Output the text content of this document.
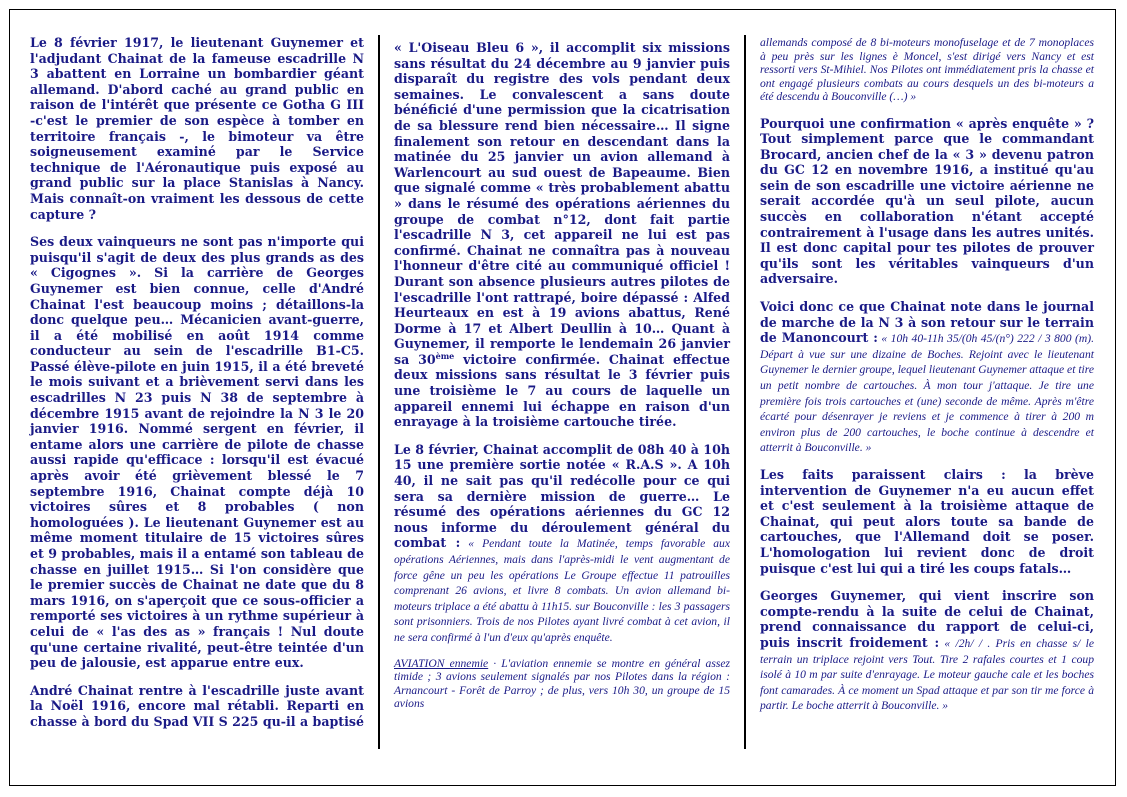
Le 8 février 1917, le lieutenant Guynemer et l'adjudant Chainat de la fameuse escadrille N 3 abattent en Lorraine un bombardier géant allemand. D'abord caché au grand public en raison de l'intérêt que présente ce Gotha G III -c'est le premier de son espèce à tomber en territoire français -, le bimoteur va être soigneusement examiné par le Service technique de l'Aéronautique puis exposé au grand public sur la place Stanislas à Nancy. Mais connaît-on vraiment les dessous de cette capture ?

Ses deux vainqueurs ne sont pas n'importe qui puisqu'il s'agit de deux des plus grands as des « Cigognes ». Si la carrière de Georges Guynemer est bien connue, celle d'André Chainat l'est beaucoup moins ; détaillons-la donc quelque peu… Mécanicien avant-guerre, il a été mobilisé en août 1914 comme conducteur au sein de l'escadrille B1-C5. Passé élève-pilote en juin 1915, il a été breveté le mois suivant et a brièvement servi dans les escadrilles N 23 puis N 38 de septembre à décembre 1915 avant de rejoindre la N 3 le 20 janvier 1916. Nommé sergent en février, il entame alors une carrière de pilote de chasse aussi rapide qu'efficace : lorsqu'il est évacué après avoir été grièvement blessé le 7 septembre 1916, Chainat compte déjà 10 victoires sûres et 8 probables ( non homologuées ). Le lieutenant Guynemer est au même moment titulaire de 15 victoires sûres et 9 probables, mais il a entamé son tableau de chasse en juillet 1915… Si l'on considère que le premier succès de Chainat ne date que du 8 mars 1916, on s'aperçoit que ce sous-officier a remporté ses victoires à un rythme supérieur à celui de « l'as des as » français ! Nul doute qu'une certaine rivalité, peut-être teintée d'un peu de jalousie, est apparue entre eux.

André Chainat rentre à l'escadrille juste avant la Noël 1916, encore mal rétabli. Reparti en chasse à bord du Spad VII S 225 qu-il a baptisé

« L'Oiseau Bleu 6 », il accomplit six missions sans résultat du 24 décembre au 9 janvier puis disparaît du registre des vols pendant deux semaines. Le convalescent a sans doute bénéficié d'une permission que la cicatrisation de sa blessure rend bien nécessaire… Il signe finalement son retour en descendant dans la matinée du 25 janvier un avion allemand à Warlencourt au sud ouest de Bapeaume. Bien que signalé comme « très probablement abattu » dans le résumé des opérations aériennes du groupe de combat n°12, dont fait partie l'escadrille N 3, cet appareil ne lui est pas confirmé. Chainat ne connaîtra pas à nouveau l'honneur d'être cité au communiqué officiel ! Durant son absence plusieurs autres pilotes de l'escadrille l'ont rattrapé, boire dépassé : Alfed Heurteaux en est à 19 avions abattus, René Dorme à 17 et Albert Deullin à 10… Quant à Guynemer, il remporte le lendemain 26 janvier sa 30ème victoire confirmée. Chainat effectue deux missions sans résultat le 3 février puis une troisième le 7 au cours de laquelle un appareil ennemi lui échappe en raison d'un enrayage à la troisième cartouche tirée.

Le 8 février, Chainat accomplit de 08h 40 à 10h 15 une première sortie notée « R.A.S ». A 10h 40, il ne sait pas qu'il redécolle pour ce qui sera sa dernière mission de guerre… Le résumé des opérations aériennes du GC 12 nous informe du déroulement général du combat : « Pendant toute la Matinée, temps favorable aux opérations Aériennes, mais dans l'après-midi le vent augmentant de force gêne un peu les opérations Le Groupe effectue 11 patrouilles comprenant 26 avions, et livre 8 combats. Un avion allemand bi-moteurs triplace a été abattu à 11h15. sur Bouconville : les 3 passagers sont prisonniers. Trois de nos Pilotes ayant livré combat à cet avion, il ne sera confirmé à l'un d'eux qu'après enquête.

AVIATION ennemie · L'aviation ennemie se montre en général assez timide ; 3 avions seulement signalés par nos Pilotes dans la région : Arnancourt - Forêt de Parroy ; de plus, vers 10h 30, un groupe de 15 avions

allemands composé de 8 bi-moteurs monofuselage et de 7 monoplaces à peu près sur les lignes è Moncel, s'est dirigé vers Nancy et est ressorti vers St-Mihiel. Nos Pilotes ont immédiatement pris la chasse et ont engagé plusieurs combats au cours desquels un des bi-moteurs a été descendu à Bouconville (…) »

Pourquoi une confirmation « après enquête » ? Tout simplement parce que le commandant Brocard, ancien chef de la « 3 » devenu patron du GC 12 en novembre 1916, a institué qu'au sein de son escadrille une victoire aérienne ne serait accordée qu'à un seul pilote, aucun succès en collaboration n'étant accepté contrairement à l'usage dans les autres unités. Il est donc capital pour tes pilotes de prouver qu'ils sont les véritables vainqueurs d'un adversaire.

Voici donc ce que Chainat note dans le journal de marche de la N 3 à son retour sur le terrain de Manoncourt : « 10h 40-11h 35/(0h 45/(n°) 222 / 3 800 (m). Départ à vue sur une dizaine de Boches. Rejoint avec le lieutenant Guynemer le dernier groupe, lequel lieutenant Guynemer attaque et tire un petit nombre de cartouches. À mon tour j'attaque. Je tire une première fois trois cartouches et (une) seconde de même. Après m'être écarté pour désenrayer je reviens et je commence à tirer à 200 m environ plus de 200 cartouches, le boche continue à descendre et atterrit à Bouconville. »

Les faits paraissent clairs : la brève intervention de Guynemer n'a eu aucun effet et c'est seulement à la troisième attaque de Chainat, qui peut alors toute sa bande de cartouches, que l'Allemand doit se poser. L'homologation lui revient donc de droit puisque c'est lui qui a tiré les coups fatals…

Georges Guynemer, qui vient inscrire son compte-rendu à la suite de celui de Chainat, prend connaissance du rapport de celui-ci, puis inscrit froidement : « /2h/ / . Pris en chasse s/ le terrain un triplace rejoint vers Tout. Tire 2 rafales courtes et 1 coup isolé à 10 m par suite d'enrayage. Le moteur gauche cale et les boches font camarades. À ce moment un Spad attaque et par son tir me force à partir. Le boche atterrit à Bouconville. »
